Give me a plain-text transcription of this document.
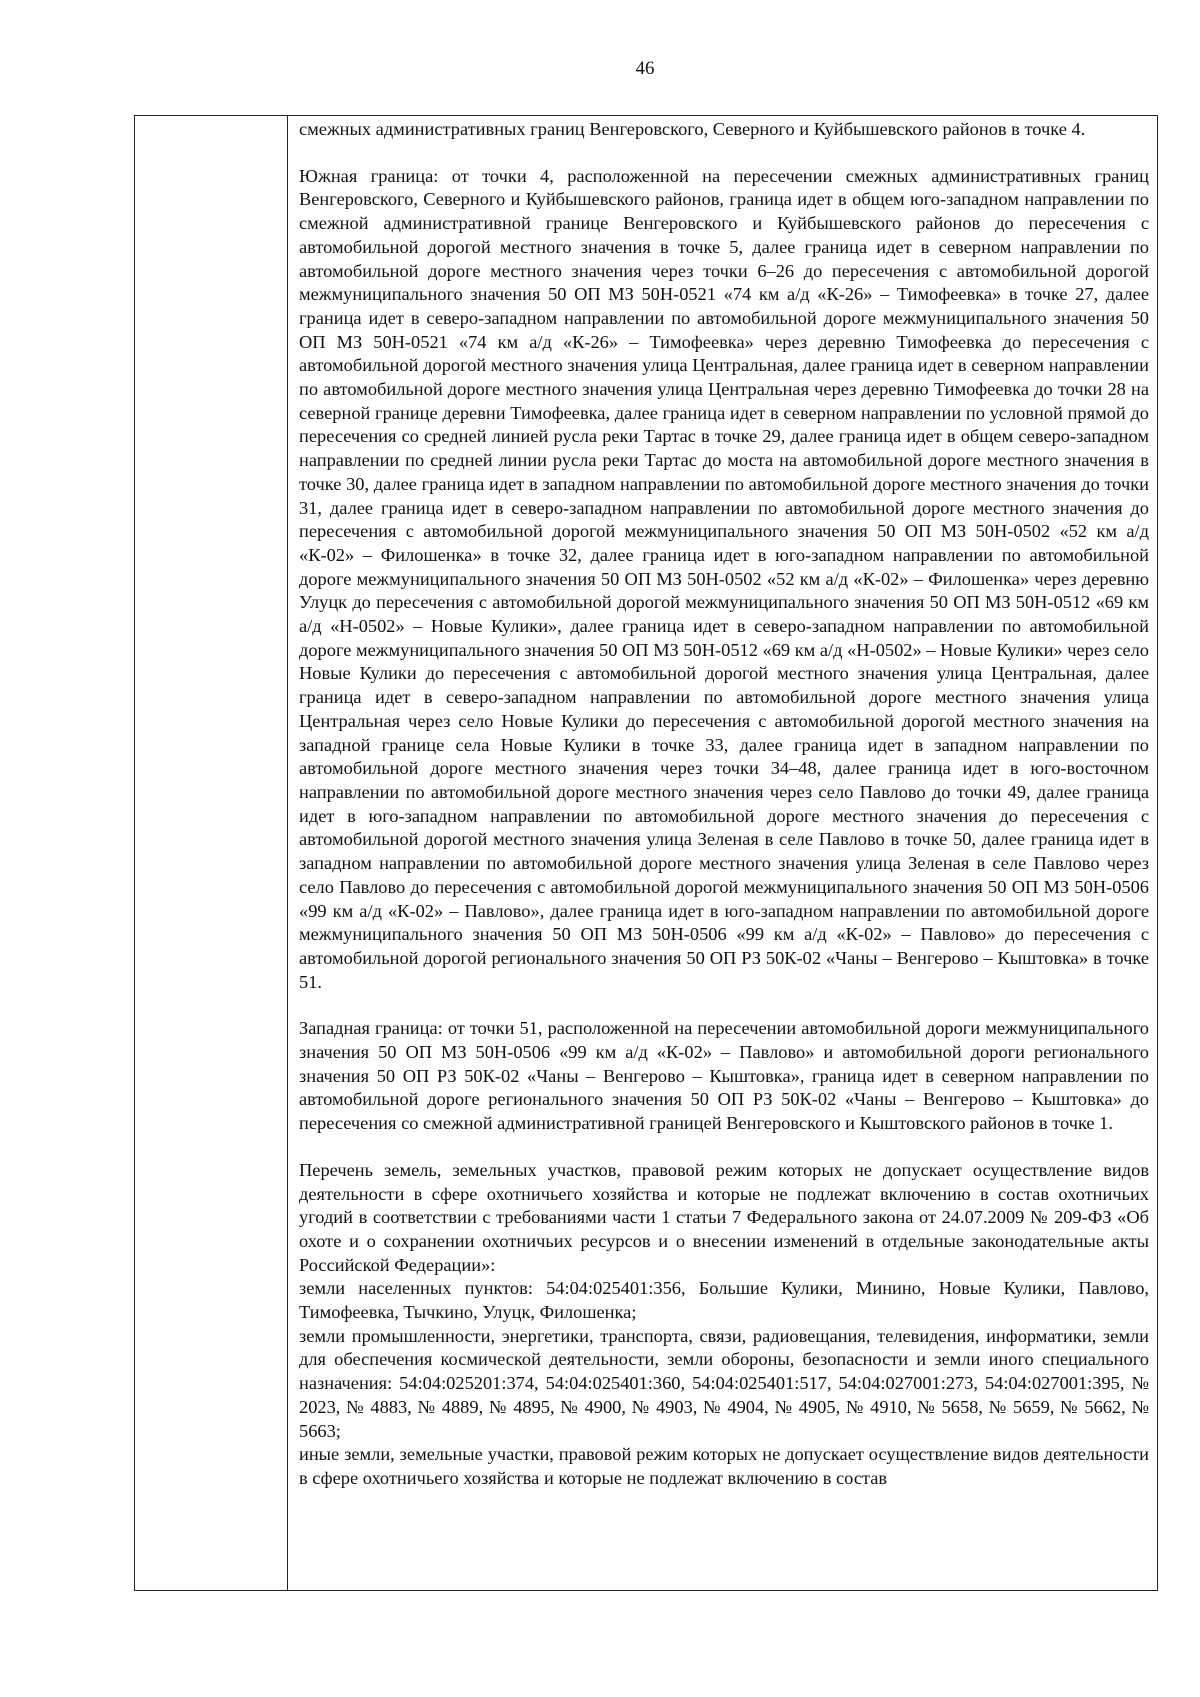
46

смежных административных границ Венгеровского, Северного и Куйбышевского районов в точке 4.

Южная граница: от точки 4, расположенной на пересечении смежных административных границ Венгеровского, Северного и Куйбышевского районов, граница идет в общем юго-западном направлении по смежной административной границе Венгеровского и Куйбышевского районов до пересечения с автомобильной дорогой местного значения в точке 5, далее граница идет в северном направлении по автомобильной дороге местного значения через точки 6–26 до пересечения с автомобильной дорогой межмуниципального значения 50 ОП МЗ 50Н-0521 «74 км а/д «К-26» – Тимофеевка» в точке 27, далее граница идет в северо-западном направлении по автомобильной дороге межмуниципального значения 50 ОП МЗ 50Н-0521 «74 км а/д «К-26» – Тимофеевка» через деревню Тимофеевка до пересечения с автомобильной дорогой местного значения улица Центральная, далее граница идет в северном направлении по автомобильной дороге местного значения улица Центральная через деревню Тимофеевка до точки 28 на северной границе деревни Тимофеевка, далее граница идет в северном направлении по условной прямой до пересечения со средней линией русла реки Тартас в точке 29, далее граница идет в общем северо-западном направлении по средней линии русла реки Тартас до моста на автомобильной дороге местного значения в точке 30, далее граница идет в западном направлении по автомобильной дороге местного значения до точки 31, далее граница идет в северо-западном направлении по автомобильной дороге местного значения до пересечения с автомобильной дорогой межмуниципального значения 50 ОП МЗ 50Н-0502 «52 км а/д «К-02» – Филошенка» в точке 32, далее граница идет в юго-западном направлении по автомобильной дороге межмуниципального значения 50 ОП МЗ 50Н-0502 «52 км а/д «К-02» – Филошенка» через деревню Улуцк до пересечения с автомобильной дорогой межмуниципального значения 50 ОП МЗ 50Н-0512 «69 км а/д «Н-0502» – Новые Кулики», далее граница идет в северо-западном направлении по автомобильной дороге межмуниципального значения 50 ОП МЗ 50Н-0512 «69 км а/д «Н-0502» – Новые Кулики» через село Новые Кулики до пересечения с автомобильной дорогой местного значения улица Центральная, далее граница идет в северо-западном направлении по автомобильной дороге местного значения улица Центральная через село Новые Кулики до пересечения с автомобильной дорогой местного значения на западной границе села Новые Кулики в точке 33, далее граница идет в западном направлении по автомобильной дороге местного значения через точки 34–48, далее граница идет в юго-восточном направлении по автомобильной дороге местного значения через село Павлово до точки 49, далее граница идет в юго-западном направлении по автомобильной дороге местного значения до пересечения с автомобильной дорогой местного значения улица Зеленая в селе Павлово в точке 50, далее граница идет в западном направлении по автомобильной дороге местного значения улица Зеленая в селе Павлово через село Павлово до пересечения с автомобильной дорогой межмуниципального значения 50 ОП МЗ 50Н-0506 «99 км а/д «К-02» – Павлово», далее граница идет в юго-западном направлении по автомобильной дороге межмуниципального значения 50 ОП МЗ 50Н-0506 «99 км а/д «К-02» – Павлово» до пересечения с автомобильной дорогой регионального значения 50 ОП РЗ 50К-02 «Чаны – Венгерово – Кыштовка» в точке 51.

Западная граница: от точки 51, расположенной на пересечении автомобильной дороги межмуниципального значения 50 ОП МЗ 50Н-0506 «99 км а/д «К-02» – Павлово» и автомобильной дороги регионального значения 50 ОП РЗ 50К-02 «Чаны – Венгерово – Кыштовка», граница идет в северном направлении по автомобильной дороге регионального значения 50 ОП РЗ 50К-02 «Чаны – Венгерово – Кыштовка» до пересечения со смежной административной границей Венгеровского и Кыштовского районов в точке 1.

Перечень земель, земельных участков, правовой режим которых не допускает осуществление видов деятельности в сфере охотничьего хозяйства и которые не подлежат включению в состав охотничьих угодий в соответствии с требованиями части 1 статьи 7 Федерального закона от 24.07.2009 № 209-ФЗ «Об охоте и о сохранении охотничьих ресурсов и о внесении изменений в отдельные законодательные акты Российской Федерации»:

земли населенных пунктов: 54:04:025401:356, Большие Кулики, Минино, Новые Кулики, Павлово, Тимофеевка, Тычкино, Улуцк, Филошенка;

земли промышленности, энергетики, транспорта, связи, радиовещания, телевидения, информатики, земли для обеспечения космической деятельности, земли обороны, безопасности и земли иного специального назначения: 54:04:025201:374, 54:04:025401:360, 54:04:025401:517, 54:04:027001:273, 54:04:027001:395, № 2023, № 4883, № 4889, № 4895, № 4900, № 4903, № 4904, № 4905, № 4910, № 5658, № 5659, № 5662, № 5663;

иные земли, земельные участки, правовой режим которых не допускает осуществление видов деятельности в сфере охотничьего хозяйства и которые не подлежат включению в состав
